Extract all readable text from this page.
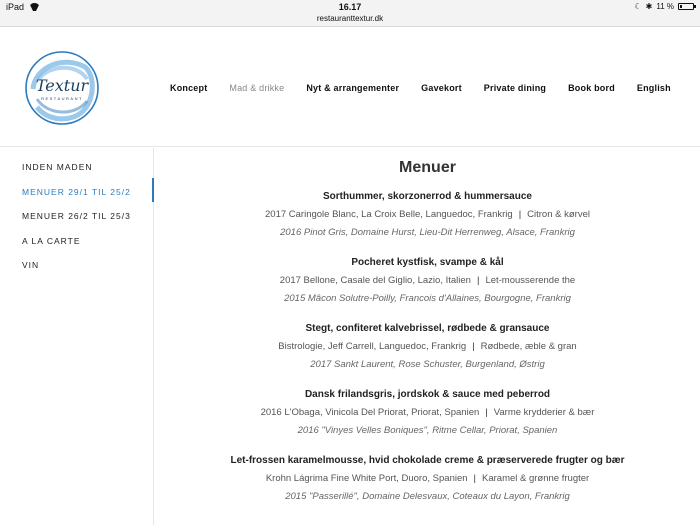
iPad	16.17
restauranttextur.dk
☾ ✱ 11 %
Textur
RESTAURANT
Koncept Mad & drikke Nyt & arrangementer Gavekort Private dining Book bord English
INDEN MADEN
MENUER 29/1 TIL 25/2
MENUER 26/2 TIL 25/3
A LA CARTE
VIN
Menuer
Sorthummer, skorzonerrod & hummersauce
2017 Caringole Blanc, La Croix Belle, Languedoc, Frankrig | Citron & kørvel
2016 Pinot Gris, Domaine Hurst, Lieu-Dit Herrenweg, Alsace, Frankrig
Pocheret kystfisk, svampe & kål
2017 Bellone, Casale del Giglio, Lazio, Italien | Let-mousserende the
2015 Mâcon Solutre-Poilly, Francois d'Allaines, Bourgogne, Frankrig
Stegt, confiteret kalvebrissel, rødbede & gransauce
Bistrologie, Jeff Carrell, Languedoc, Frankrig | Rødbede, æble & gran
2017 Sankt Laurent, Rose Schuster, Burgenland, Østrig
Dansk frilandsgris, jordskok & sauce med peberrod
2016 L'Obaga, Vinicola Del Priorat, Priorat, Spanien | Varme krydderier & bær
2016 "Vinyes Velles Boniques", Ritme Cellar, Priorat, Spanien
Let-frossen karamelmousse, hvid chokolade creme & præserverede frugter og bær
Krohn Lágrima Fine White Port, Duoro, Spanien | Karamel & grønne frugter
2015 "Passerillé", Domaine Delesvaux, Coteaux du Layon, Frankrig
